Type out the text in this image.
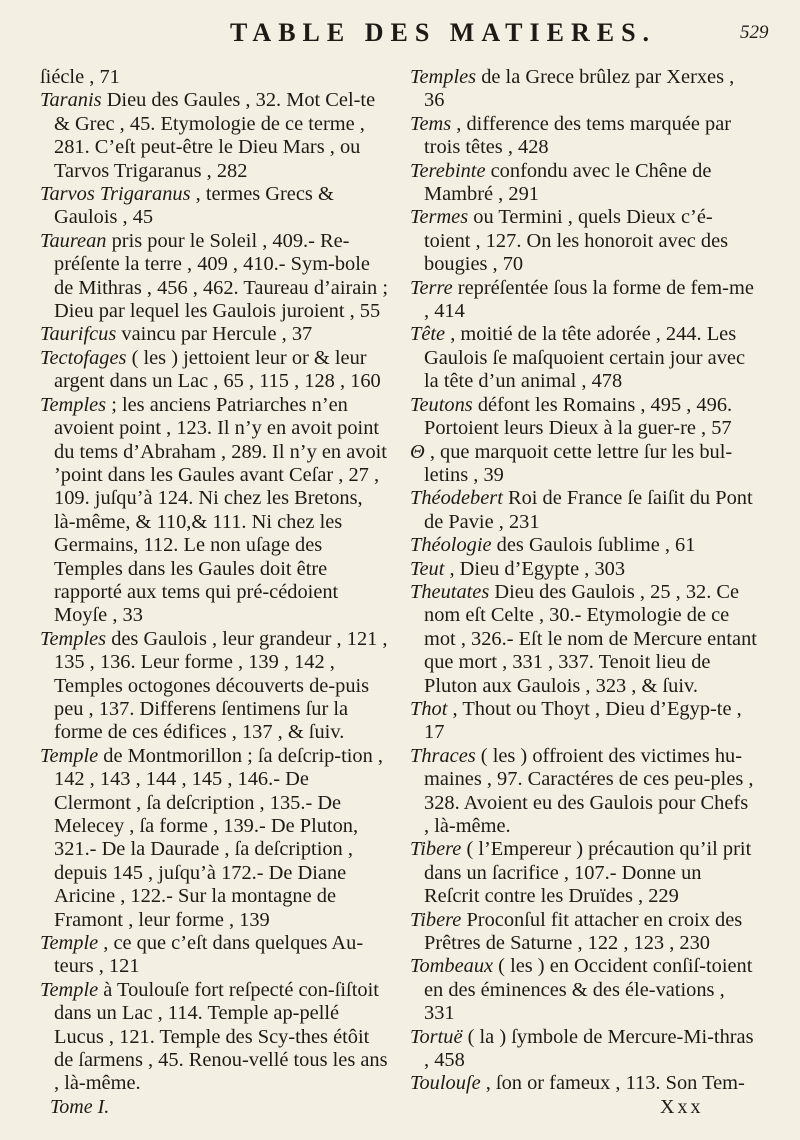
TABLE DES MATIERES.	529
ſiécle , 71
Taranis Dieu des Gaules , 32. Mot Cel-te & Grec , 45. Etymologie de ce terme , 281. C’eſt peut-être le Dieu Mars , ou Tarvos Trigaranus , 282
Tarvos Trigaranus , termes Grecs & Gaulois , 45
Taurean pris pour le Soleil , 409.- Re-préſente la terre , 409 , 410.- Sym-bole de Mithras , 456 , 462. Taureau d’airain ; Dieu par lequel les Gaulois juroient , 55
Taurifcus vaincu par Hercule , 37
Tectofages ( les ) jettoient leur or & leur argent dans un Lac , 65 , 115 , 128 , 160
Temples ; les anciens Patriarches n’en avoient point , 123. Il n’y en avoit point du tems d’Abraham , 289. Il n’y en avoit ’point dans les Gaules avant Ceſar , 27 , 109. juſqu’à 124. Ni chez les Bretons, là-même, & 110,& 111. Ni chez les Germains, 112. Le non uſage des Temples dans les Gaules doit être rapporté aux tems qui pré-cédoient Moyſe , 33
Temples des Gaulois , leur grandeur , 121 , 135 , 136. Leur forme , 139 , 142 , Temples octogones découverts de-puis peu , 137. Differens ſentimens ſur la forme de ces édifices , 137 , & ſuiv.
Temple de Montmorillon ; ſa deſcrip-tion , 142 , 143 , 144 , 145 , 146.- De Clermont , ſa deſcription , 135.- De Melecey , ſa forme , 139.- De Pluton, 321.- De la Daurade , ſa deſcription , depuis 145 , juſqu’à 172.- De Diane Aricine , 122.- Sur la montagne de Framont , leur forme , 139
Temple , ce que c’eſt dans quelques Au-teurs , 121
Temple à Toulouſe fort reſpecté con-ſiſtoit dans un Lac , 114. Temple ap-pellé Lucus , 121. Temple des Scy-thes étôit de ſarmens , 45. Renou-vellé tous les ans , là-même.
Temples de la Grece brûlez par Xerxes , 36
Tems , difference des tems marquée par trois têtes , 428
Terebinte confondu avec le Chêne de Mambré , 291
Termes ou Termini , quels Dieux c’é-toient , 127. On les honoroit avec des bougies , 70
Terre repréſentée ſous la forme de fem-me , 414
Tête , moitié de la tête adorée , 244. Les Gaulois ſe maſquoient certain jour avec la tête d’un animal , 478
Teutons défont les Romains , 495 , 496. Portoient leurs Dieux à la guer-re , 57
Θ , que marquoit cette lettre ſur les bul-letins , 39
Théodebert Roi de France ſe ſaiſit du Pont de Pavie , 231
Théologie des Gaulois ſublime , 61
Teut , Dieu d’Egypte , 303
Theutates Dieu des Gaulois , 25 , 32. Ce nom eſt Celte , 30.- Etymologie de ce mot , 326.- Eſt le nom de Mercure entant que mort , 331 , 337. Tenoit lieu de Pluton aux Gaulois , 323 , & ſuiv.
Thot , Thout ou Thoyt , Dieu d’Egyp-te , 17
Thraces ( les ) offroient des victimes hu-maines , 97. Caractéres de ces peu-ples , 328. Avoient eu des Gaulois pour Chefs , là-même.
Tibere ( l’Empereur ) précaution qu’il prit dans un ſacrifice , 107.- Donne un Reſcrit contre les Druïdes , 229
Tibere Proconſul fit attacher en croix des Prêtres de Saturne , 122 , 123 , 230
Tombeaux ( les ) en Occident conſiſ-toient en des éminences & des éle-vations , 331
Tortuë ( la ) ſymbole de Mercure-Mi-thras , 458
Toulouſe , ſon or fameux , 113. Son Tem-
Tome I.	Xxx
